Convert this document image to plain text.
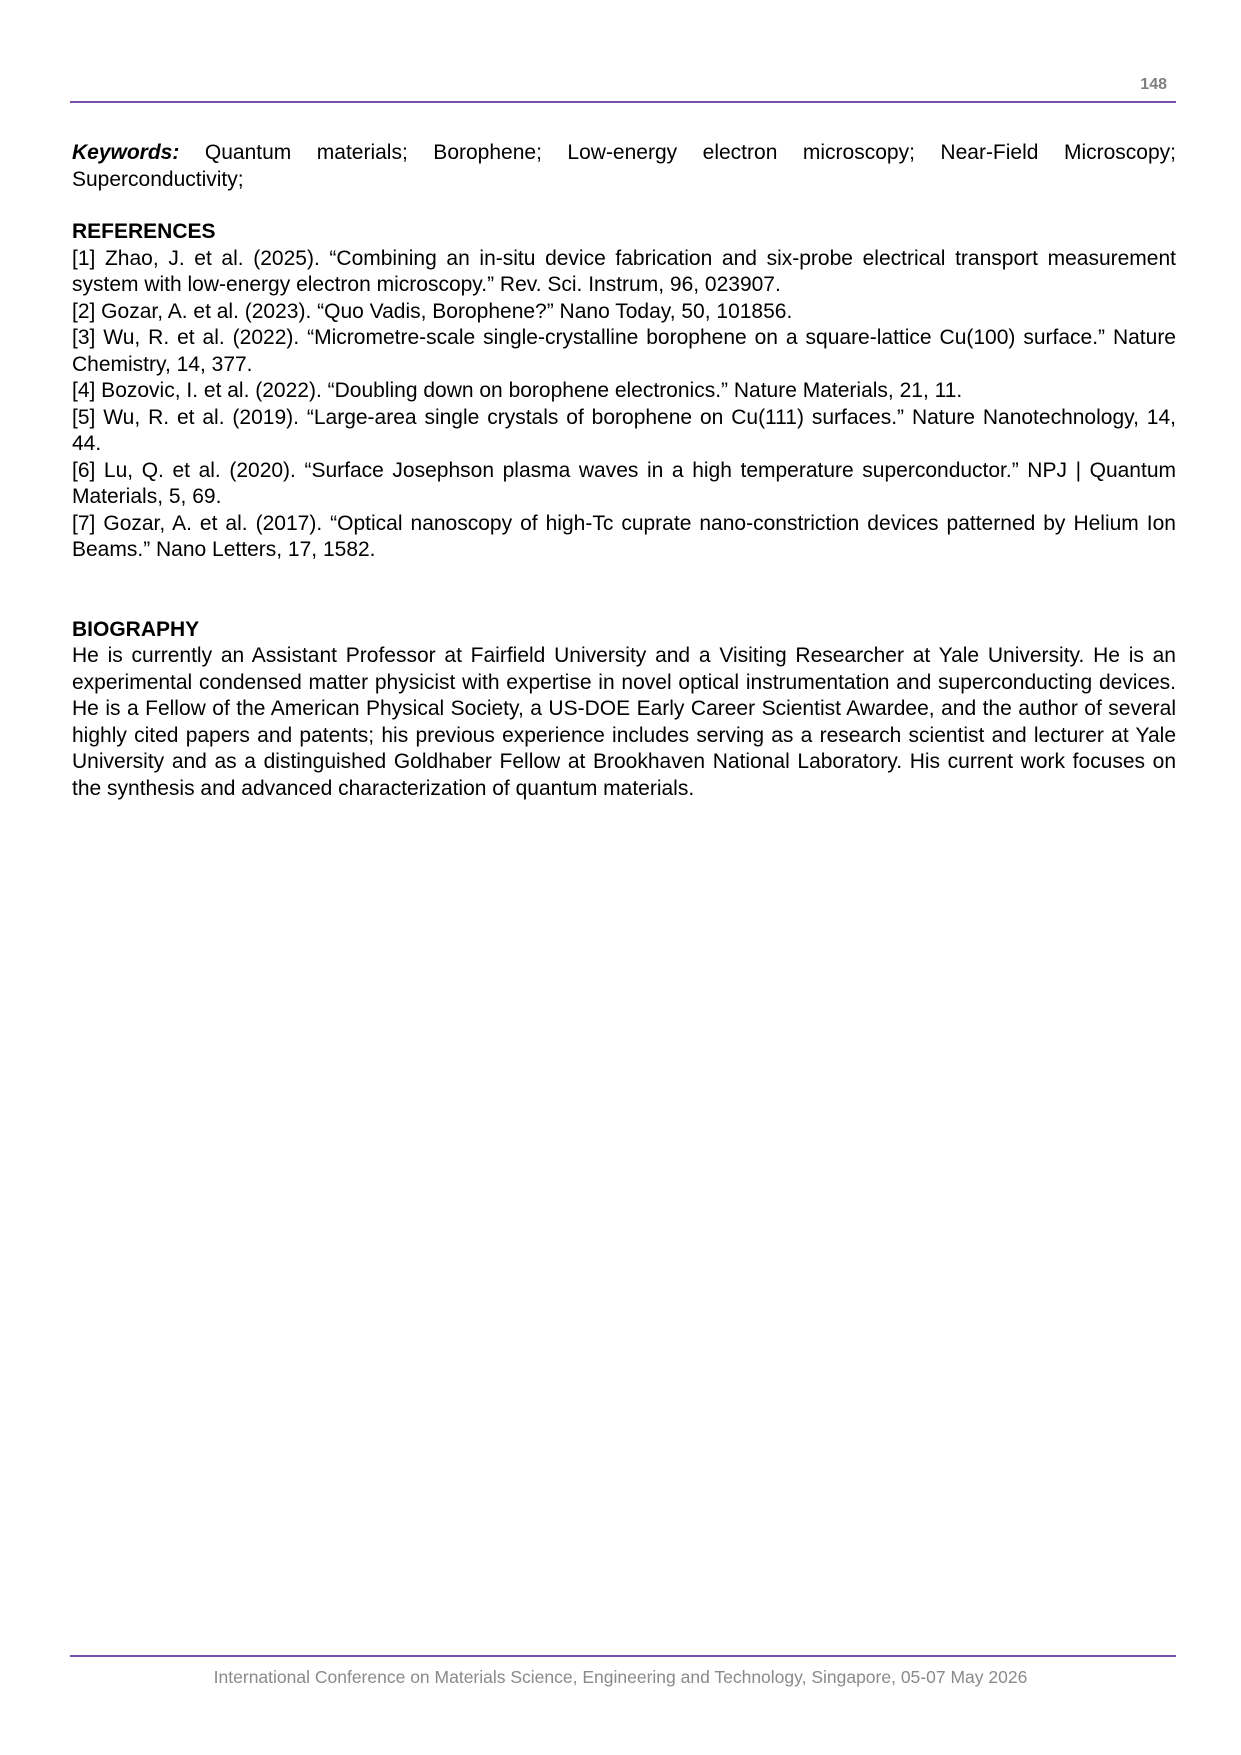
148

Keywords: Quantum materials; Borophene; Low-energy electron microscopy; Near-Field Microscopy; Superconductivity;

REFERENCES

[1] Zhao, J. et al. (2025). “Combining an in-situ device fabrication and six-probe electrical transport measurement system with low-energy electron microscopy.” Rev. Sci. Instrum, 96, 023907.

[2] Gozar, A. et al. (2023). “Quo Vadis, Borophene?” Nano Today, 50, 101856.

[3] Wu, R. et al. (2022). “Micrometre-scale single-crystalline borophene on a square-lattice Cu(100) surface.” Nature Chemistry, 14, 377.

[4] Bozovic, I. et al. (2022). “Doubling down on borophene electronics.” Nature Materials, 21, 11.

[5] Wu, R. et al. (2019). “Large-area single crystals of borophene on Cu(111) surfaces.” Nature Nanotechnology, 14, 44.

[6] Lu, Q. et al. (2020). “Surface Josephson plasma waves in a high temperature superconductor.” NPJ | Quantum Materials, 5, 69.

[7] Gozar, A. et al. (2017). “Optical nanoscopy of high-Tc cuprate nano-constriction devices patterned by Helium Ion Beams.” Nano Letters, 17, 1582.

BIOGRAPHY

He is currently an Assistant Professor at Fairfield University and a Visiting Researcher at Yale University. He is an experimental condensed matter physicist with expertise in novel optical instrumentation and superconducting devices. He is a Fellow of the American Physical Society, a US-DOE Early Career Scientist Awardee, and the author of several highly cited papers and patents; his previous experience includes serving as a research scientist and lecturer at Yale University and as a distinguished Goldhaber Fellow at Brookhaven National Laboratory. His current work focuses on the synthesis and advanced characterization of quantum materials.

International Conference on Materials Science, Engineering and Technology, Singapore, 05-07 May 2026
